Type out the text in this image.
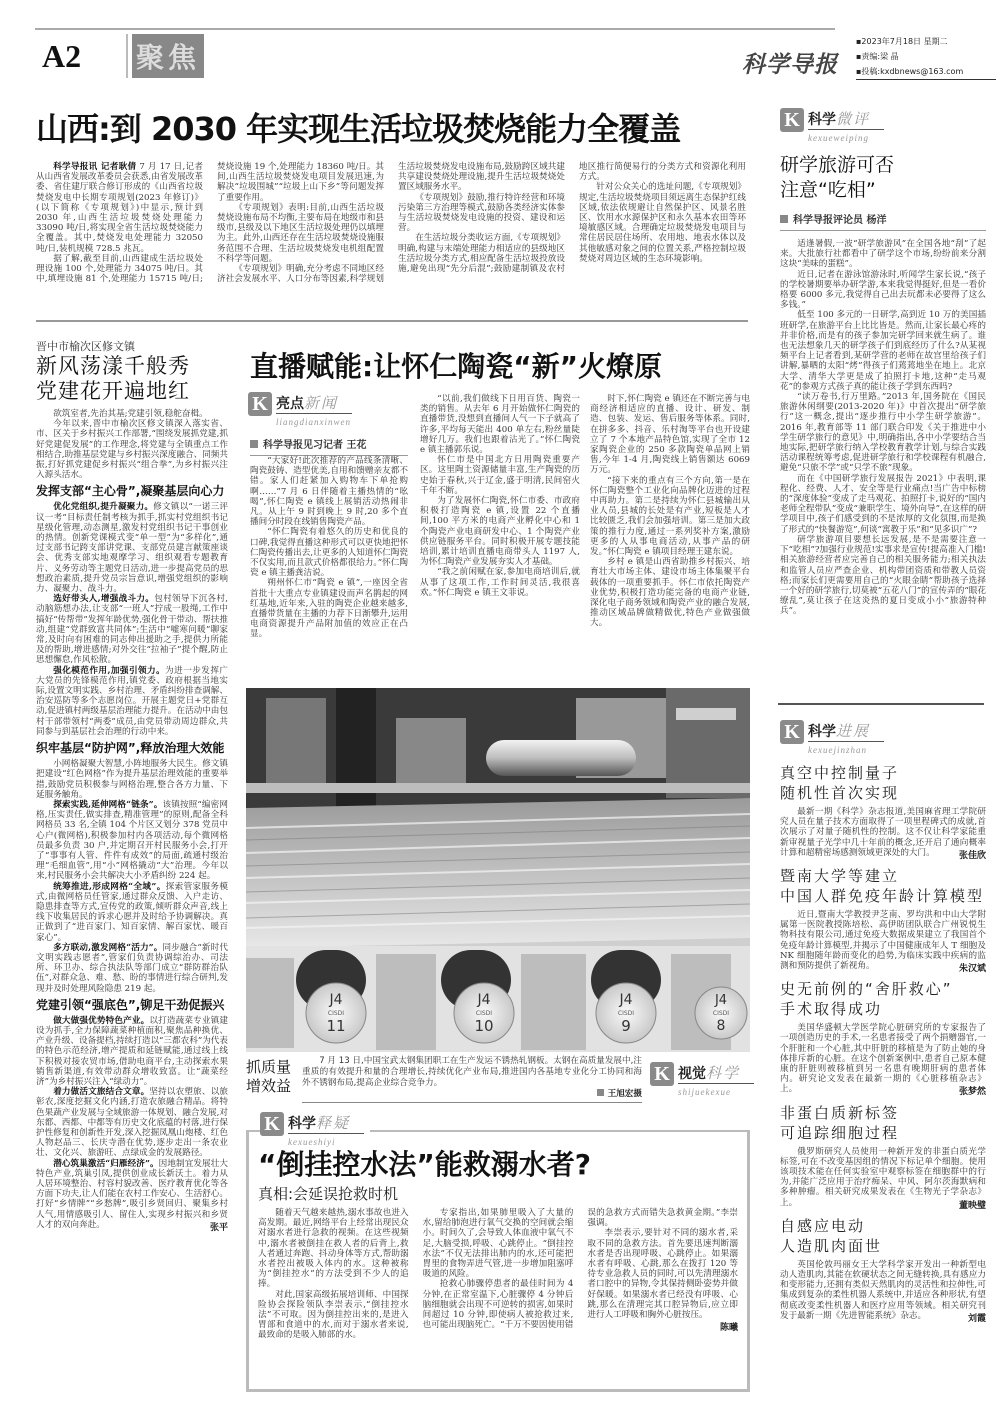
A2	聚焦	科学导报
▪2023年7月18日 星期二
▪责编:梁 晶
▪投稿:kxdbnews@163.com
山西:到 2030 年实现生活垃圾焚烧能力全覆盖

科学导报讯 记者耿倩 7 月 17 日,记者从山西省发展改革委员会获悉,由省发展改革委、省住建厅联合修订形成的《山西省垃圾焚烧发电中长期专项规划(2023 年修订)》(以下简称《专项规划》)中显示,预计到 2030 年,山西生活垃圾焚烧处理能力 33090 吨/日,将实现全省生活垃圾焚烧能力全覆盖。其中,焚烧发电处理能力 32050 吨/日,装机规模 728.5 兆瓦。

据了解,截至目前,山西建成生活垃圾处理设施 100 个,处理能力 34075 吨/日。其中,填埋设施 81 个,处理能力 15715 吨/日;焚烧设施 19 个,处理能力 18360 吨/日。其间,山西生活垃圾焚烧发电项目发展迅速,为解决“垃圾围城”“垃圾上山下乡”等问题发挥了重要作用。

《专项规划》表明:目前,山西生活垃圾焚烧设施布局不均衡,主要布局在地级市和县级市,县级及以下地区生活垃圾处理仍以填埋为主。此外,山西还存在生活垃圾焚烧设施服务范围不合理、生活垃圾焚烧发电机组配置不科学等问题。

《专项规划》明确,充分考虑不同地区经济社会发展水平、人口分布等因素,科学规划生活垃圾焚烧发电设施布局,鼓励跨区域共建共享建设焚烧处理设施,提升生活垃圾焚烧处置区域服务水平。

《专项规划》鼓励,推行特许经营和环境污染第三方治理等模式,鼓励各类经济实体参与生活垃圾焚烧发电设施的投资、建设和运营。

在生活垃圾分类收运方面,《专项规划》明确,构建与末端处理能力相适应的县级地区生活垃圾分类方式,相应配备生活垃圾投放设施,避免出现“先分后混”;鼓励建制镇及农村地区推行简便易行的分类方式和资源化利用方式。

针对公众关心的选址问题,《专项规划》规定,生活垃圾焚烧项目须远离生态保护红线区域,依法依规避让自然保护区、风景名胜区、饮用水水源保护区和永久基本农田等环境敏感区域。合理确定垃圾焚烧发电项目与常住居民居住场所、农用地、地表水体以及其他敏感对象之间的位置关系,严格控制垃圾焚烧对周边区域的生态环境影响。

晋中市榆次区修文镇
新风荡漾千般秀
党建花开遍地红

欲筑室者,先治其基;党建引领,稳舵奋楫。

今年以来,晋中市榆次区修文镇深入落实省、市、区关于乡村振兴工作部署,“围绕发展抓党建,抓好党建促发展”的工作理念,将党建与全镇重点工作相结合,助推基层党建与乡村振兴深度融合、同频共振,打好抓党建促乡村振兴“组合拳”,为乡村振兴注入源头活水。

发挥支部“主心骨”,凝聚基层向心力

优化党组织,提升凝聚力。修文镇以“一诺三评议一考”目标责任制考核为抓手,抓实村党组织书记星级化管理,动态测星,激发村党组织书记干事创业的热情。创新党课模式变“单一型”为“多样化”,通过支部书记跨支部讲党课、支部党员建言献策座谈会、优秀支部实地观摩学习、组织观看专题教育片、义务劳动等主题党日活动,进一步提高党员的思想政治素质,提升党员宗旨意识,增强党组织的影响力、凝聚力、战斗力。

选好带头人,增强战斗力。包村领导下沉各村,动脑筋想办法,让支部“一班人”拧成一股绳,工作中搞好“传帮带”发挥年龄优势,强化骨干带动、帮扶推动,组建“党群致富共同体”;生活中“嘘寒问暖”聊家常,及时向有困难的同志伸出援助之手,提供力所能及的帮助,增进感情;对外交往“拉袖子”提个醒,防止思想懈怠,作风松散。

强化模范作用,加强引领力。为进一步发挥广大党员的先锋模范作用,镇党委、政府根据当地实际,设置文明实践、乡村治理、矛盾纠纷排查调解、治安巡防等多个志愿岗位。开展主题党日+党群互动,促进镇村两级基层治理能力提升。在活动中由包村干部带领村“两委”成员,由党员带动周边群众,共同参与到基层社会治理的行动中来。

织牢基层“防护网”,释放治理大效能

小网格凝聚大智慧,小阵地服务大民生。修文镇把建设“红色网格”作为提升基层治理效能的重要举措,鼓励党员积极参与网格治理,整合各方力量、下延服务触角。

探索实践,延伸网格“链条”。该镇按照“编密网格,压实责任,做实排查,精准管理”的原则,配备全科网格员 33 名,全镇 104 个片区又划分 378 党员中心户(微网格),积极参加村内各项活动,每个微网格员最多负责 30 户,并定期召开村民服务小会,打开了“事事有人管、件件有成效”的局面,疏通村级治理“毛细血管”,用“小”网格撬动“大”治理。今年以来,村民服务小会共解决大小矛盾纠纷 224 起。

统筹推进,形成网格“全域”。探索管家服务模式,由微网格员任管家,通过群众反馈、入户走访、隐患排查等方式,宣传党的政策,倾听群众声音,线上线下收集居民的诉求心愿并及时给予协调解决。真正做到了“进百家门、知百家情、解百家忧、暖百家心”。

多方联动,激发网格“活力”。同步融合“新时代文明实践志愿者”,管家们负责协调综治办、司法所、环卫办、综合执法队等部门成立“群防群治队伍”,对群众急、难、愁、盼的事情进行综合研判,发现并及时处理风险隐患 219 起。

党建引领“强底色”,铆足干劲促振兴

做大做强优势特色产业。以打造蔬菜专业镇建设为抓手,全力保障蔬菜种植面积,聚焦品种换优、产业升级、设备提档,持续打造以“三都农科”为代表的特色示范经济,增产提质和延链赋能,通过线上线下积极对接农贸市场,借助电商平台,主动探索水果销售新渠道,有效带动群众增收致富。让“蔬菜经济”为乡村振兴注入“绿动力”。

着力做活文旅结合文章。坚持以农塑旅、以旅彰农,深度挖掘文化内涵,打造农旅融合精品。将特色果蔬产业发展与全域旅游一体规划、融合发展,对东都、西都、中都等有历史文化底蕴的村落,进行保护性修复和创新性开发,深入挖掘凤凰山炮楼、红色人物赵品三、长庆寺潜在优势,逐步走出一条农业壮、文化兴、旅游旺、点绿成金的发展路径。

潜心筑巢激活“归雁经济”。因地制宜发展壮大特色产业,筑巢引凤,提供创业成长新沃土。着力从人居环境整治、村容村貌改善、医疗教育优化等各方面下功夫,让人们能在农村工作安心、生活舒心。打好“乡情牌”“乡愁牌”,吸引乡贤回归、聚集乡村人气,用情感吸引人、留住人,实现乡村振兴和乡贤人才的双向奔赴。	张平

直播赋能:让怀仁陶瓷“新”火燎原
K 亮点新闻
liangdianxinwen
科学导报见习记者 王花

“大家好!此次推荐的产品线条清晰、陶瓷鼓铸、造型优美,自用和馈赠亲友都不错。家人们赶紧加入购物车下单抢购啊……”7 月 6 日伴随着主播热情的“吆喝”,怀仁陶瓷 e 镇线上展销活动热闹非凡。从上午 9 时到晚上 9 时,20 多个直播间分时段在线销售陶瓷产品。

“怀仁陶瓷有着悠久的历史和优良的口碑,我觉得直播这种形式可以更快地把怀仁陶瓷传播出去,让更多的人知道怀仁陶瓷不仅实用,而且款式价格都很给力。”怀仁陶瓷 e 镇主播龚洁说。

朔州怀仁市“陶瓷 e 镇”,一座因全省首批十大重点专业镇建设而声名鹊起的网红基地,近年来,入驻的陶瓷企业越来越多,直播带货量在主播的力荐下日渐攀升,运用电商资源提升产品附加值的效应正在凸显。

“以前,我们做线下日用百货、陶瓷一类的销售。从去年 6 月开始做怀仁陶瓷的直播带货,没想到直播间人气一下子就高了许多,平均每天能出 400 单左右,粉丝量陡增好几万。我们也跟着沾光了。”怀仁陶瓷 e 镇主播郭乐说。

怀仁市是中国北方日用陶瓷重要产区。这里陶土资源储量丰富,生产陶瓷的历史始于春秋,兴于辽金,盛于明清,民间窑火千年不断。

为了发展怀仁陶瓷,怀仁市委、市政府积极打造陶瓷 e 镇,设置 22 个直播间,100 平方米的电商产业孵化中心和 1 个陶瓷产业电商研发中心、1 个陶瓷产业供应链服务平台。同时积极开展专题技能培训,累计培训直播电商带头人 1197 人,为怀仁陶瓷产业发展夯实人才基础。

“我之前闲赋在家,参加电商培训后,就从事了这项工作,工作时间灵活,我很喜欢。”怀仁陶瓷 e 镇王文菲说。

时下,怀仁陶瓷 e 镇还在不断完善与电商经济相适应的直播、设计、研发、制造、包装、发运、售后服务等体系。同时,在拼多多、抖音、乐村淘等平台也开设建立了 7 个本地产品特色馆,实现了全市 12 家陶瓷企业的 250 多款陶瓷单品网上销售,今年 1-4 月,陶瓷线上销售额达 6069 万元。

“接下来的重点有三个方向,第一是在怀仁陶瓷整个工业化向品牌化迈进的过程中再助力。第二是持续为怀仁县城输出从业人员,县城的长处是有产业,短板是人才比较匮乏,我们会加强培训。第三是加大政策的推行力度,通过一系列奖补方案,激励更多的人从事电商活动,从事产品的研发。”怀仁陶瓷 e 镇项目经理王建东说。

乡村 e 镇是山西省助推乡村振兴、培育壮大市场主体、建设市场主体集聚平台载体的一项重要抓手。怀仁市依托陶瓷产业优势,积极打造功能完备的电商产业链,深化电子商务领域和陶瓷产业的融合发展,推动区域品牌做精做优,特色产业做强做大。

J4
CISDI
11
J4
CISDI
10
J4
CISDI
9
J4
CISDI
8
抓质量
增效益

7 月 13 日,中国宝武太钢集团职工在生产发运不锈热轧钢板。太钢在高质量发展中,注重质的有效提升和量的合理增长,持续优化产业布局,推进国内各基地专业化分工协同和海外不锈钢布局,提高企业综合竞争力。

王旭宏摄
K 视觉科学
shijuekexue
K 科学释疑
kexueshiyi
“倒挂控水法”能救溺水者?
真相:会延误抢救时机

随着天气越来越热,溺水事故也进入高发期。最近,网络平台上经常出现民众对溺水者进行急救的视频。在这些视频中,溺水者被倒挂在救人者的后背上,救人者通过奔跑、抖动身体等方式,帮助溺水者控出被吸入体内的水。这种被称为“倒挂控水”的方法受到不少人的追捧。

对此,国家高级拓展培训师、中国探险协会探险领队李崇表示,“倒挂控水法”不可取。因为倒挂控出来的,是进入胃部和食道中的水,而对于溺水者来说,最致命的是吸入肺部的水。

专家指出,如果肺里吸入了大量的水,留给肺泡进行氧气交换的空间就会缩小。时间久了,会导致人体血液中氧气不足,大脑受损,呼吸、心跳停止。“倒挂控水法”不仅无法排出肺内的水,还可能把胃里的食物弄进气管,进一步增加阻塞呼吸道的风险。

抢救心肺骤停患者的最佳时间为 4 分钟,在正常室温下,心脏骤停 4 分钟后脑细胞就会出现不可逆转的损害,如果时间超过 10 分钟,即使病人被抢救过来,也可能出现脑死亡。“千万不要因使用错误的急救方式而错失急救黄金期。”李崇强调。

李崇表示,要针对不同的溺水者,采取不同的急救方法。首先要迅速判断溺水者是否出现呼吸、心跳停止。如果溺水者有呼吸、心跳,那么在拨打 120 等待专业急救人员的同时,可以先清理溺水者口腔中的异物,令其保持侧卧姿势并做好保暖。如果溺水者已经没有呼吸、心跳,那么在清理完其口腔异物后,应立即进行人工呼吸和胸外心脏按压。
陈曦

K 科学微评
kexueweiping
研学旅游可否
注意“吃相”
科学导报评论员 杨洋

适逢暑假,一波“研学旅游风”在全国各地“刮”了起来。大批旅行社都看中了研学这个市场,纷纷前来分割这块“美味的蛋糕”。

近日,记者在游泳馆游泳时,听闻学生家长说,“孩子的学校暑期要举办研学游,本来我觉得挺好,但是一看价格要 6000 多元,我觉得自己出去玩都未必要得了这么多钱。”

低至 100 多元的一日研学,高到近 10 万的美国插班研学,在旅游平台上比比皆是。然而,让家长最心疼的并非价格,而是有的孩子参加完研学回来就生病了。谁也无法想象几天的研学孩子们到底经历了什么?从某视频平台上记者看到,某研学营的老师在故宫里给孩子们讲解,暴晒的太阳“烤”得孩子们蔫蔫地坐在地上。北京大学、清华大学更是成了拍照打卡地,这种“走马观花”的参观方式孩子真的能让孩子学到东西吗?

“读万卷书,行万里路。”2013 年,国务院在《国民旅游休闲纲要(2013-2020 年)》中首次提出“研学旅行”这一概念,提出“逐步推行中小学生研学旅游”。2016 年,教育部等 11 部门联合印发《关于推进中小学生研学旅行的意见》中,明确指出,各中小学要结合当地实际,把研学旅行纳入学校教育教学计划,与综合实践活动课程统筹考虑,促进研学旅行和学校课程有机融合,避免“只旅不学”或“只学不旅”现象。

而在《中国研学旅行发展报告 2021》中表明,课程化、经费、人才、安全等是行业痛点!当广告中标榜的“深度体验”变成了走马观花、拍照打卡,说好的“国内老师全程带队”变成“兼职学生、境外向导”,在这样的研学项目中,孩子们感受到的不是浓厚的文化氛围,而是换了形式的“快餐游览”,何谈“寓教于乐”和“见多识广”?

研学旅游项目要想长远发展,是不是需要注意一下“吃相”?加强行业规范!实事求是宣传!提高准入门槛!相关旅游经营者应完善自己的相关服务能力;相关执法和监管人员应严查企业、机构带团资质和带教人员资格;而家长们更需要用自己的“火眼金睛”帮助孩子选择一个好的研学旅行,切莫被“五花八门”的宣传弄的“眼花缭乱”,莫让孩子在这炎热的夏日变成小小“旅游特种兵”。

K 科学进展
kexuejinzhan
真空中控制量子
随机性首次实现

最新一期《科学》杂志报道,美国麻省理工学院研究人员在量子技术方面取得了一项里程碑式的成就,首次展示了对量子随机性的控制。这不仅让科学家能重新审视量子光学中几十年前的概念,还开启了通向概率计算和超精密场感测领域更深处的大门。	张佳欣

暨南大学等建立
中国人群免疫年龄计算模型

近日,暨南大学教授尹芝南、罗均洪和中山大学附属第一医院教授陈培松、高伊昉团队联合广州锐悦生物科技有限公司,通过免疫大数据成果建立了我国首个免疫年龄计算模型,并揭示了中国健康成年人 T 细胞及 NK 细胞随年龄而变化的趋势,为临床实践中疾病的监测和预防提供了新视角。	朱汉斌

史无前例的“舍肝救心”
手术取得成功

美国华盛顿大学医学院心脏研究所的专家报告了一项创造历史的手术,一名患者接受了两个捐赠器官,一个肝脏和一个心脏,其中肝脏的移植是为了防止她的身体排斥新的心脏。在这个创新案例中,患者自己原本健康的肝脏则被移植到另一名患有晚期肝病的患者体内。研究论文发表在最新一期的《心脏移植杂志》上。	张梦然

非蛋白质新标签
可追踪细胞过程

俄罗斯研究人员使用一种新开发的非蛋白质光学标签,可在不改变基因组的情况下标记单个细胞。使用该项技术能在任何实验室中观察标签在细胞群中的行为,并能广泛应用于治疗痴呆、中风、阿尔茨海默病和多种肿瘤。相关研究成果发表在《生物光子学杂志》上。	董映璧

自感应电动
人造肌肉面世

英国伦敦玛丽女王大学科学家开发出一种新型电动人造肌肉,其能在软硬状态之间无缝转换,具有感应力和变形能力,还拥有类似天然肌肉的灵活性和拉伸性,可集成到复杂的柔性机器人系统中,并适应各种形状,有望彻底改变柔性机器人和医疗应用等领域。相关研究刊发于最新一期《先进智能系统》杂志。	刘霞
